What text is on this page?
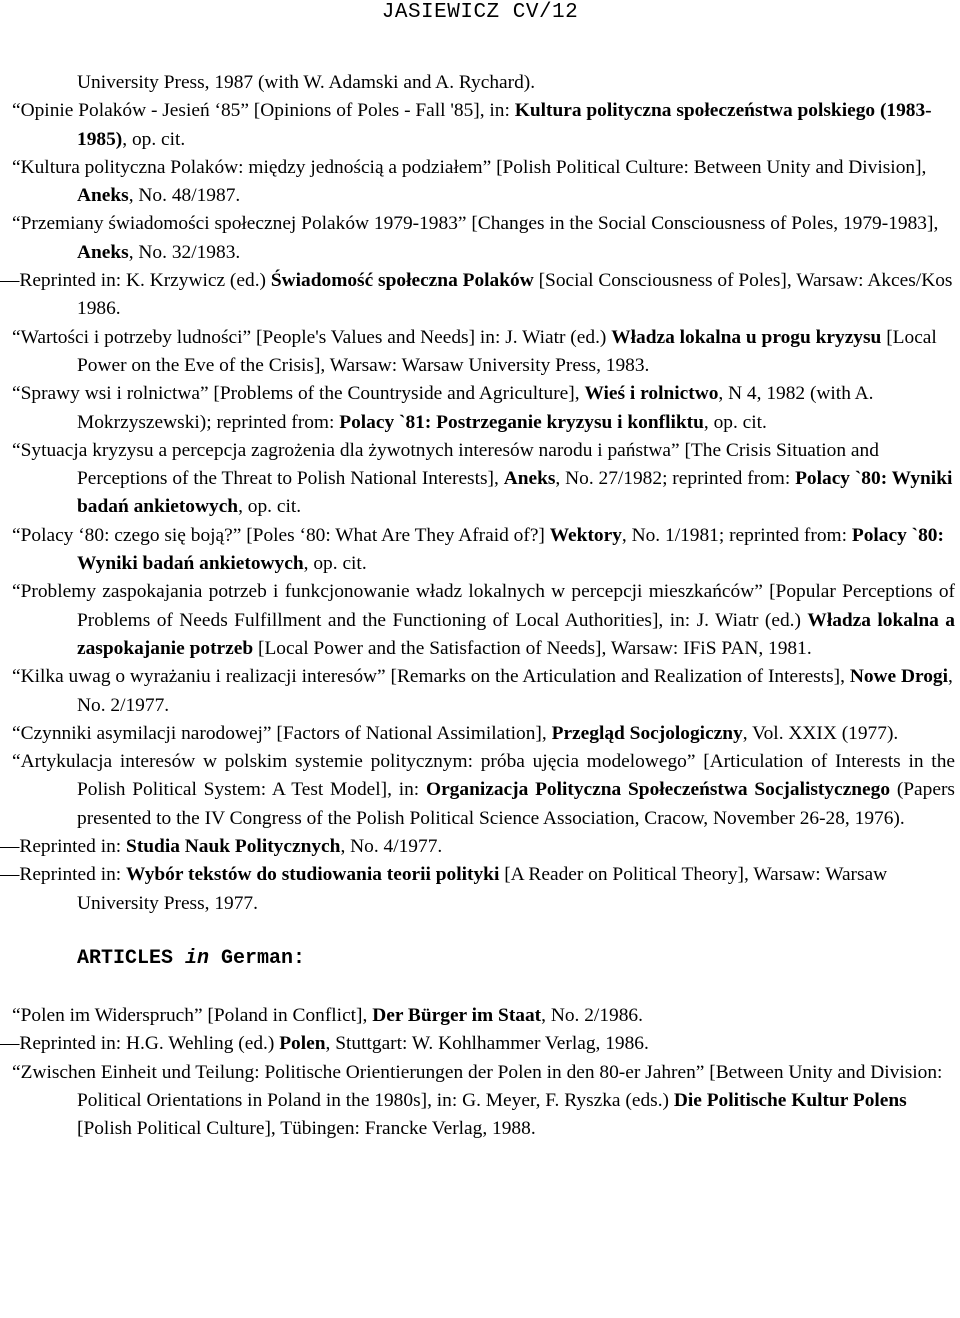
JASIEWICZ CV/12

University Press, 1987 (with W. Adamski and A. Rychard).

“Opinie Polaków - Jesień ‘85” [Opinions of Poles - Fall '85], in: Kultura polityczna społeczeństwa polskiego (1983-1985), op. cit.

“Kultura polityczna Polaków: między jednością a podziałem” [Polish Political Culture: Between Unity and Division], Aneks, No. 48/1987.

“Przemiany świadomości społecznej Polaków 1979-1983” [Changes in the Social Consciousness of Poles, 1979-1983], Aneks, No. 32/1983.

—Reprinted in: K. Krzywicz (ed.) Świadomość społeczna Polaków [Social Consciousness of Poles], Warsaw: Akces/Kos 1986.

“Wartości i potrzeby ludności” [People's Values and Needs] in: J. Wiatr (ed.) Władza lokalna u progu kryzysu [Local Power on the Eve of the Crisis], Warsaw: Warsaw University Press, 1983.

“Sprawy wsi i rolnictwa” [Problems of the Countryside and Agriculture], Wieś i rolnictwo, N 4, 1982 (with A. Mokrzyszewski); reprinted from: Polacy `81: Postrzeganie kryzysu i konfliktu, op. cit.

“Sytuacja kryzysu a percepcja zagrożenia dla żywotnych interesów narodu i państwa” [The Crisis Situation and Perceptions of the Threat to Polish National Interests], Aneks, No. 27/1982; reprinted from: Polacy `80: Wyniki badań ankietowych, op. cit.

“Polacy ‘80: czego się boją?” [Poles ‘80: What Are They Afraid of?] Wektory, No. 1/1981; reprinted from: Polacy `80: Wyniki badań ankietowych, op. cit.

“Problemy zaspokajania potrzeb i funkcjonowanie władz lokalnych w percepcji mieszkańców” [Popular Perceptions of Problems of Needs Fulfillment and the Functioning of Local Authorities], in: J. Wiatr (ed.) Władza lokalna a zaspokajanie potrzeb [Local Power and the Satisfaction of Needs], Warsaw: IFiS PAN, 1981.

“Kilka uwag o wyrażaniu i realizacji interesów” [Remarks on the Articulation and Realization of Interests], Nowe Drogi, No. 2/1977.

“Czynniki asymilacji narodowej” [Factors of National Assimilation], Przegląd Socjologiczny, Vol. XXIX (1977).

“Artykulacja interesów w polskim systemie politycznym: próba ujęcia modelowego” [Articulation of Interests in the Polish Political System: A Test Model], in: Organizacja Polityczna Społeczeństwa Socjalistycznego (Papers presented to the IV Congress of the Polish Political Science Association, Cracow, November 26-28, 1976).

—Reprinted in: Studia Nauk Politycznych, No. 4/1977.

—Reprinted in: Wybór tekstów do studiowania teorii polityki [A Reader on Political Theory], Warsaw: Warsaw University Press, 1977.

ARTICLES in German:

“Polen im Widerspruch” [Poland in Conflict], Der Bürger im Staat, No. 2/1986.

—Reprinted in: H.G. Wehling (ed.) Polen, Stuttgart: W. Kohlhammer Verlag, 1986.

“Zwischen Einheit und Teilung: Politische Orientierungen der Polen in den 80-er Jahren” [Between Unity and Division: Political Orientations in Poland in the 1980s], in: G. Meyer, F. Ryszka (eds.) Die Politische Kultur Polens [Polish Political Culture], Tübingen: Francke Verlag, 1988.
